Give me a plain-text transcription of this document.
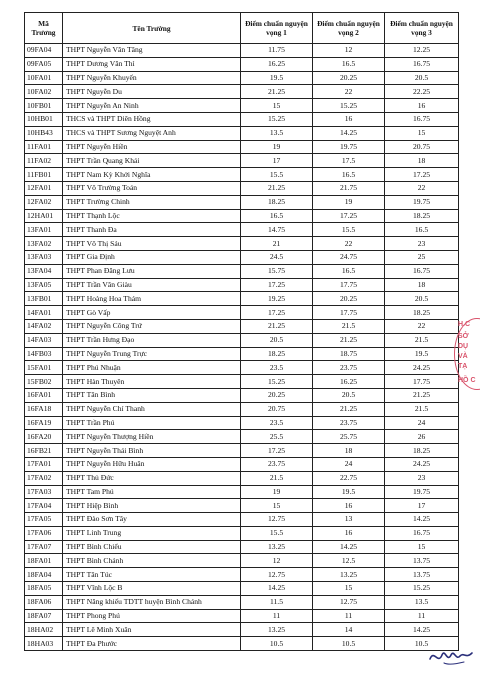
Mã Trương	Tên Trường	Điểm chuẩn nguyện vọng 1	Điểm chuẩn nguyện vọng 2	Điểm chuẩn nguyện vọng 3
09FA04	THPT Nguyễn Văn Tăng	11.75	12	12.25
09FA05	THPT Dương Văn Thì	16.25	16.5	16.75
10FA01	THPT Nguyễn Khuyến	19.5	20.25	20.5
10FA02	THPT Nguyễn Du	21.25	22	22.25
10FB01	THPT Nguyễn An Ninh	15	15.25	16
10HB01	THCS và THPT Diên Hồng	15.25	16	16.75
10HB43	THCS và THPT Sương Nguyệt Anh	13.5	14.25	15
11FA01	THPT Nguyễn Hiền	19	19.75	20.75
11FA02	THPT Trần Quang Khải	17	17.5	18
11FB01	THPT Nam Kỳ Khởi Nghĩa	15.5	16.5	17.25
12FA01	THPT Võ Trường Toản	21.25	21.75	22
12FA02	THPT Trường Chinh	18.25	19	19.75
12HA01	THPT Thạnh Lộc	16.5	17.25	18.25
13FA01	THPT Thanh Đa	14.75	15.5	16.5
13FA02	THPT Võ Thị Sáu	21	22	23
13FA03	THPT Gia Định	24.5	24.75	25
13FA04	THPT Phan Đăng Lưu	15.75	16.5	16.75
13FA05	THPT Trần Văn Giàu	17.25	17.75	18
13FB01	THPT Hoàng Hoa Thám	19.25	20.25	20.5
14FA01	THPT Gò Vấp	17.25	17.75	18.25
14FA02	THPT Nguyễn Công Trứ	21.25	21.5	22
14FA03	THPT Trần Hưng Đạo	20.5	21.25	21.5
14FB03	THPT Nguyễn Trung Trực	18.25	18.75	19.5
15FA01	THPT Phú Nhuận	23.5	23.75	24.25
15FB02	THPT Hàn Thuyên	15.25	16.25	17.75
16FA01	THPT Tân Bình	20.25	20.5	21.25
16FA18	THPT Nguyễn Chí Thanh	20.75	21.25	21.5
16FA19	THPT Trần Phú	23.5	23.75	24
16FA20	THPT Nguyễn Thượng Hiền	25.5	25.75	26
16FB21	THPT Nguyễn Thái Bình	17.25	18	18.25
17FA01	THPT Nguyễn Hữu Huân	23.75	24	24.25
17FA02	THPT Thủ Đức	21.5	22.75	23
17FA03	THPT Tam Phú	19	19.5	19.75
17FA04	THPT Hiệp Bình	15	16	17
17FA05	THPT Đào Sơn Tây	12.75	13	14.25
17FA06	THPT Linh Trung	15.5	16	16.75
17FA07	THPT Bình Chiểu	13.25	14.25	15
18FA01	THPT Bình Chánh	12	12.5	13.75
18FA04	THPT Tân Túc	12.75	13.25	13.75
18FA05	THPT Vĩnh Lộc B	14.25	15	15.25
18FA06	THPT Năng khiếu TDTT huyện Bình Chánh	11.5	12.75	13.5
18FA07	THPT Phong Phú	11	11	11
18HA02	THPT Lê Minh Xuân	13.25	14	14.25
18HA03	THPT Đa Phước	10.5	10.5	10.5
H.C
SỞ
DỤ
VÀ
TẠ
HỒ C
